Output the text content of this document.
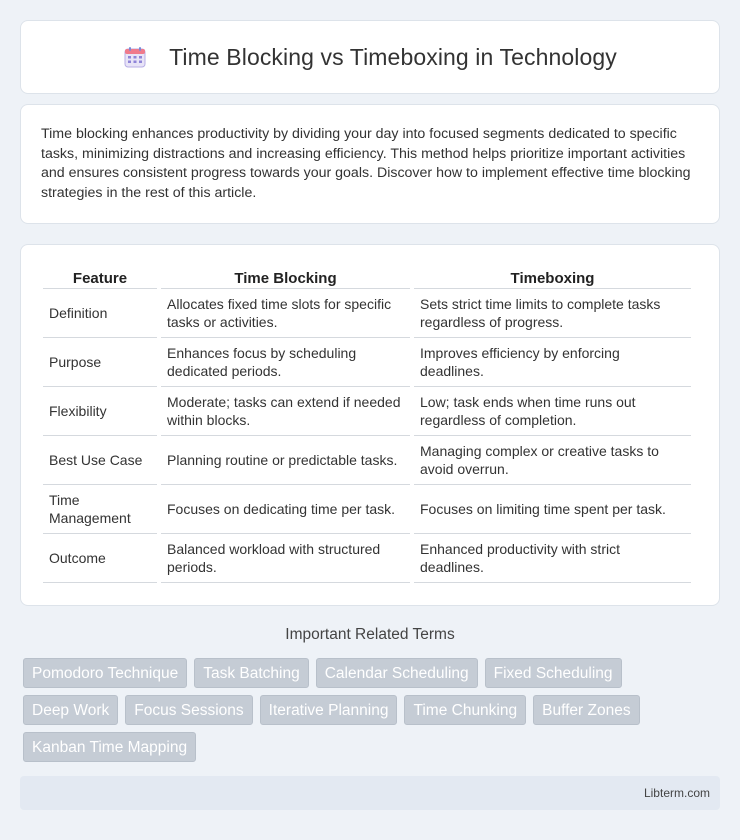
Time Blocking vs Timeboxing in Technology

Time blocking enhances productivity by dividing your day into focused segments dedicated to specific tasks, minimizing distractions and increasing efficiency. This method helps prioritize important activities and ensures consistent progress towards your goals. Discover how to implement effective time blocking strategies in the rest of this article.

Feature	Time Blocking	Timeboxing
Definition	Allocates fixed time slots for specific tasks or activities.	Sets strict time limits to complete tasks regardless of progress.
Purpose	Enhances focus by scheduling dedicated periods.	Improves efficiency by enforcing deadlines.
Flexibility	Moderate; tasks can extend if needed within blocks.	Low; task ends when time runs out regardless of completion.
Best Use Case	Planning routine or predictable tasks.	Managing complex or creative tasks to avoid overrun.
Time Management	Focuses on dedicating time per task.	Focuses on limiting time spent per task.
Outcome	Balanced workload with structured periods.	Enhanced productivity with strict deadlines.
Important Related Terms
Pomodoro Technique	Task Batching	Calendar Scheduling	Fixed Scheduling
Deep Work	Focus Sessions	Iterative Planning	Time Chunking	Buffer Zones
Kanban Time Mapping
Libterm.com
